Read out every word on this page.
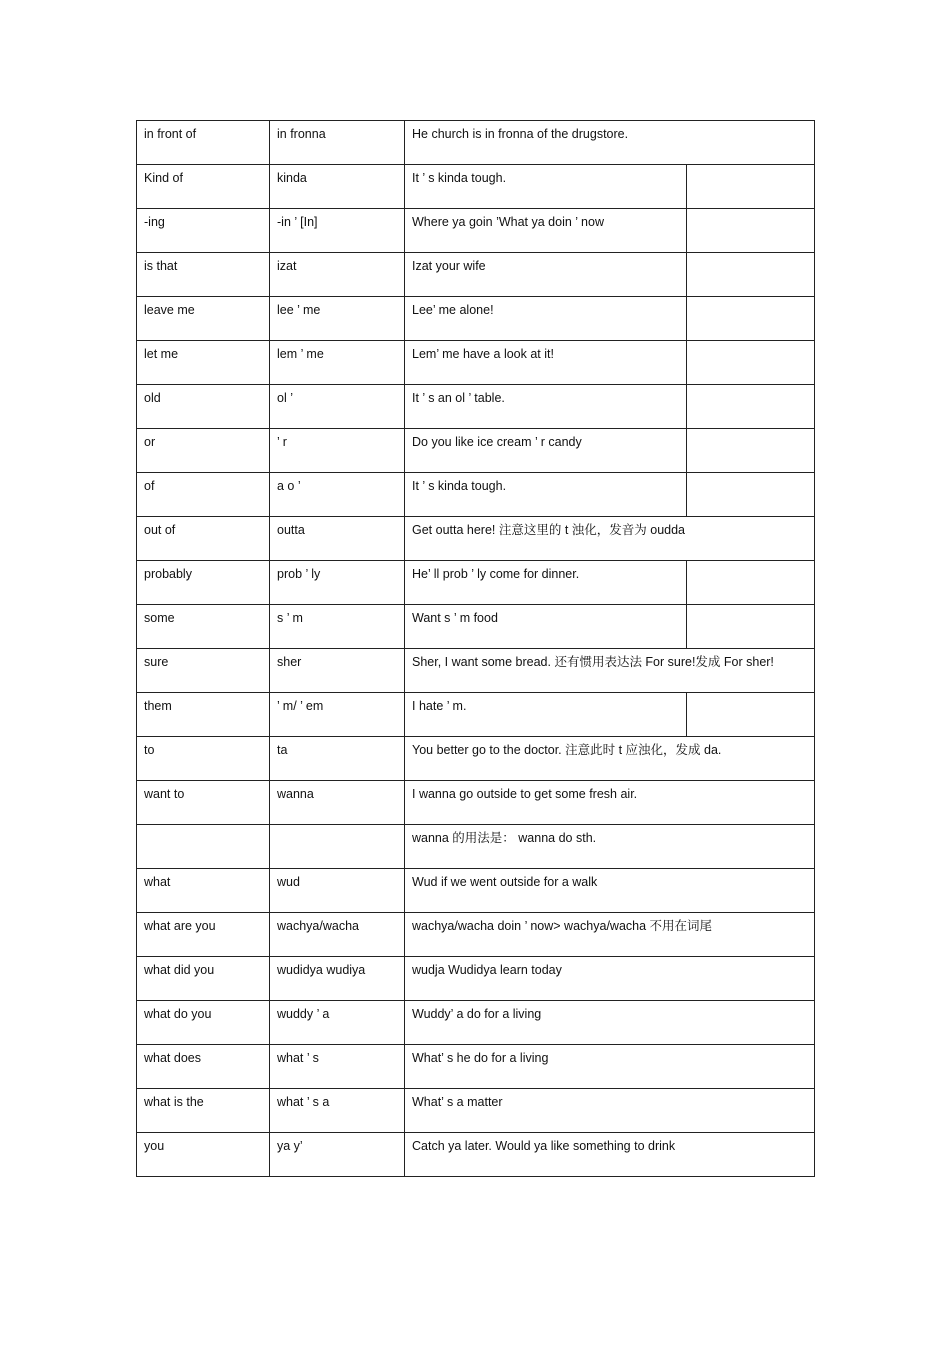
in front of	in fronna	He church is in fronna of the drugstore.	
Kind of	kinda	It ’ s kinda tough.	
-ing	-in ’ [In]	Where ya goin ’What ya doin ’ now	
is that	izat	Izat your wife	
leave me	lee ’ me	Lee’ me alone!	
let me	lem ’ me	Lem’ me have a look at it!	
old	ol ’	It ’ s an ol ’ table.	
or	’ r	Do you like ice cream ’ r candy	
of	a o ’	It ’ s kinda tough.	
out of	outta	Get outta here! 注意这里的 t 浊化，发音为 oudda	
probably	prob ’ ly	He’ ll prob ’ ly come for dinner.	
some	s ’ m	Want s ’ m food	
sure	sher	Sher, I want some bread. 还有惯用表达法 For sure!发成 For sher!	
them	’ m/ ’ em	I hate ’ m.	
to	ta	You better go to the doctor. 注意此时 t 应浊化，发成 da.	
want to	wanna	I wanna go outside to get some fresh air.	
		wanna 的用法是： wanna do sth.	
what	wud	Wud if we went outside for a walk	
what are you	wachya/wacha	wachya/wacha doin ’ now> wachya/wacha 不用在词尾	
what did you	wudidya wudiya	wudja Wudidya learn today	
what do you	wuddy ’ a	Wuddy’ a do for a living	
what does	what ’ s	What’ s he do for a living	
what is the	what ’ s a	What’ s a matter	
you	ya y’	Catch ya later. Would ya like something to drink	
